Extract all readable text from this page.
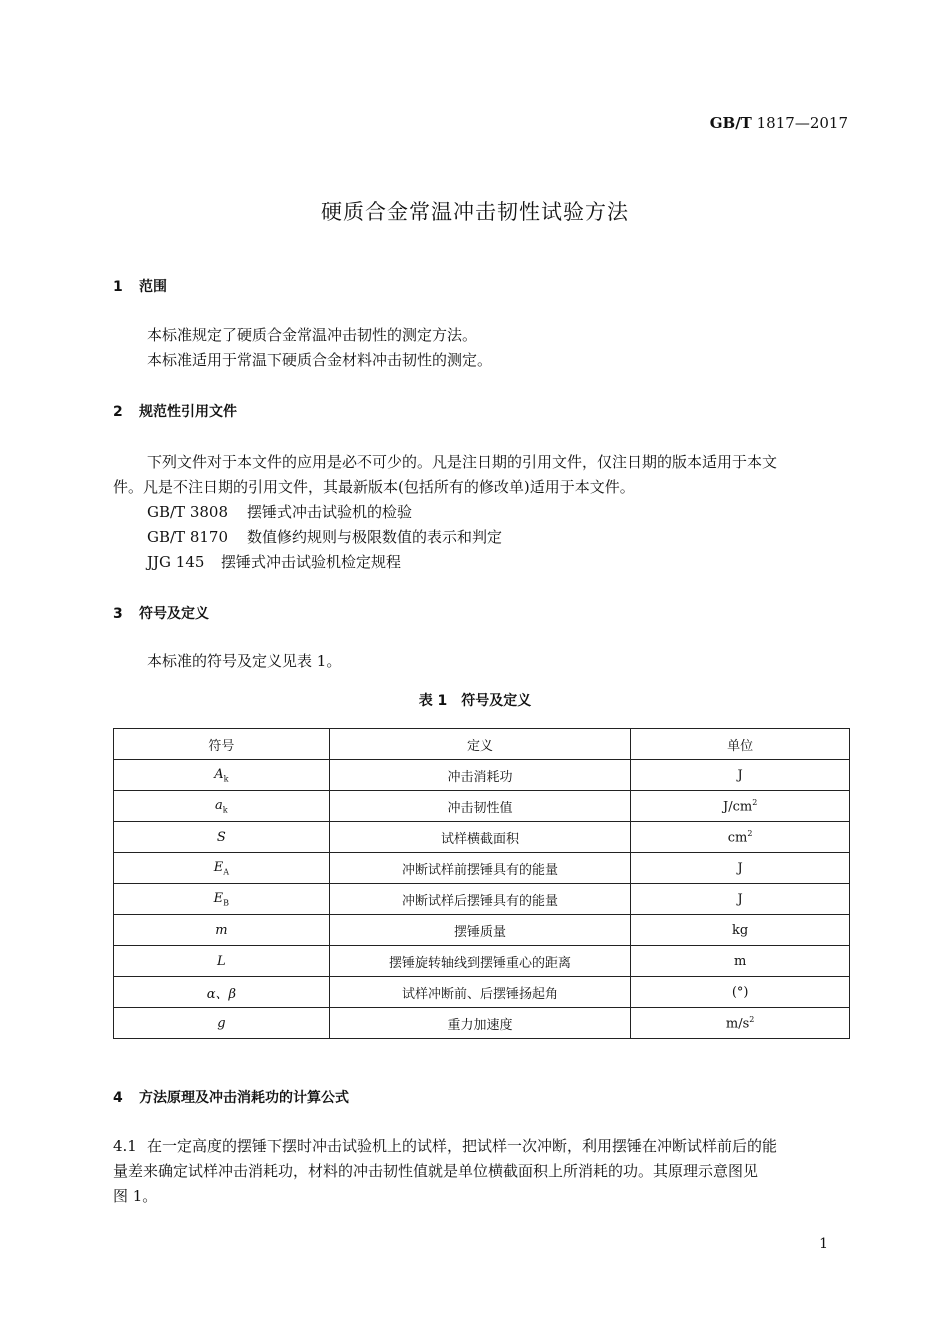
GB/T 1817—2017
硬质合金常温冲击韧性试验方法
1 范围
本标准规定了硬质合金常温冲击韧性的测定方法。
本标准适用于常温下硬质合金材料冲击韧性的测定。
2 规范性引用文件
下列文件对于本文件的应用是必不可少的。凡是注日期的引用文件，仅注日期的版本适用于本文
件。凡是不注日期的引用文件，其最新版本(包括所有的修改单)适用于本文件。
GB/T 3808 摆锤式冲击试验机的检验
GB/T 8170 数值修约规则与极限数值的表示和判定
JJG 145 摆锤式冲击试验机检定规程
3 符号及定义
本标准的符号及定义见表 1。
表 1　符号及定义
符号	定义	单位
$A_k$	冲击消耗功	J
$a_k$	冲击韧性值	$J/cm^2$
S	试样横截面积	$cm^2$
$E_A$	冲断试样前摆锤具有的能量	J
$E_B$	冲断试样后摆锤具有的能量	J
m	摆锤质量	kg
L	摆锤旋转轴线到摆锤重心的距离	m
α、β	试样冲断前、后摆锤扬起角	(°)
g	重力加速度	$m/s^2$
4 方法原理及冲击消耗功的计算公式
4.1 在一定高度的摆锤下摆时冲击试验机上的试样，把试样一次冲断，利用摆锤在冲断试样前后的能
量差来确定试样冲击消耗功，材料的冲击韧性值就是单位横截面积上所消耗的功。其原理示意图见
图 1。
1
